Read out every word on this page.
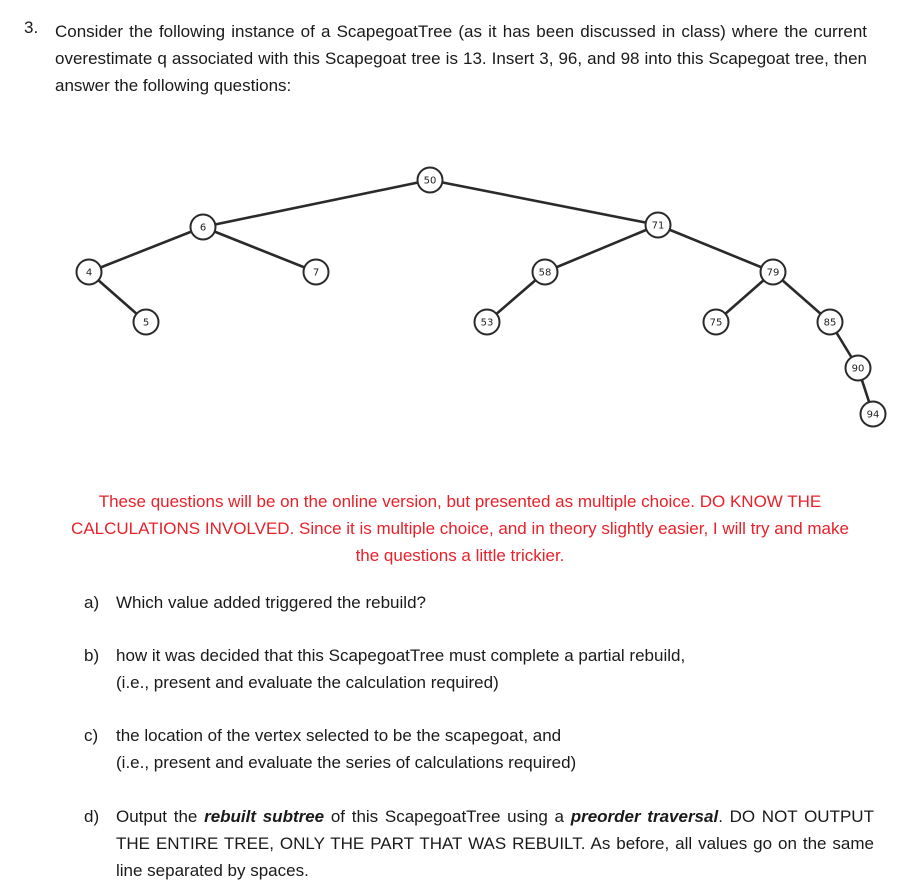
3. Consider the following instance of a ScapegoatTree (as it has been discussed in class) where the current overestimate q associated with this Scapegoat tree is 13. Insert 3, 96, and 98 into this Scapegoat tree, then answer the following questions:
50
6	71
4	7	58	79
5	53	75	85
90
94
These questions will be on the online version, but presented as multiple choice. DO KNOW THE CALCULATIONS INVOLVED. Since it is multiple choice, and in theory slightly easier, I will try and make the questions a little trickier.
a) Which value added triggered the rebuild?
b) how it was decided that this ScapegoatTree must complete a partial rebuild,
(i.e., present and evaluate the calculation required)
c) the location of the vertex selected to be the scapegoat, and
(i.e., present and evaluate the series of calculations required)
d) Output the rebuilt subtree of this ScapegoatTree using a preorder traversal. DO NOT OUTPUT THE ENTIRE TREE, ONLY THE PART THAT WAS REBUILT. As before, all values go on the same line separated by spaces.
